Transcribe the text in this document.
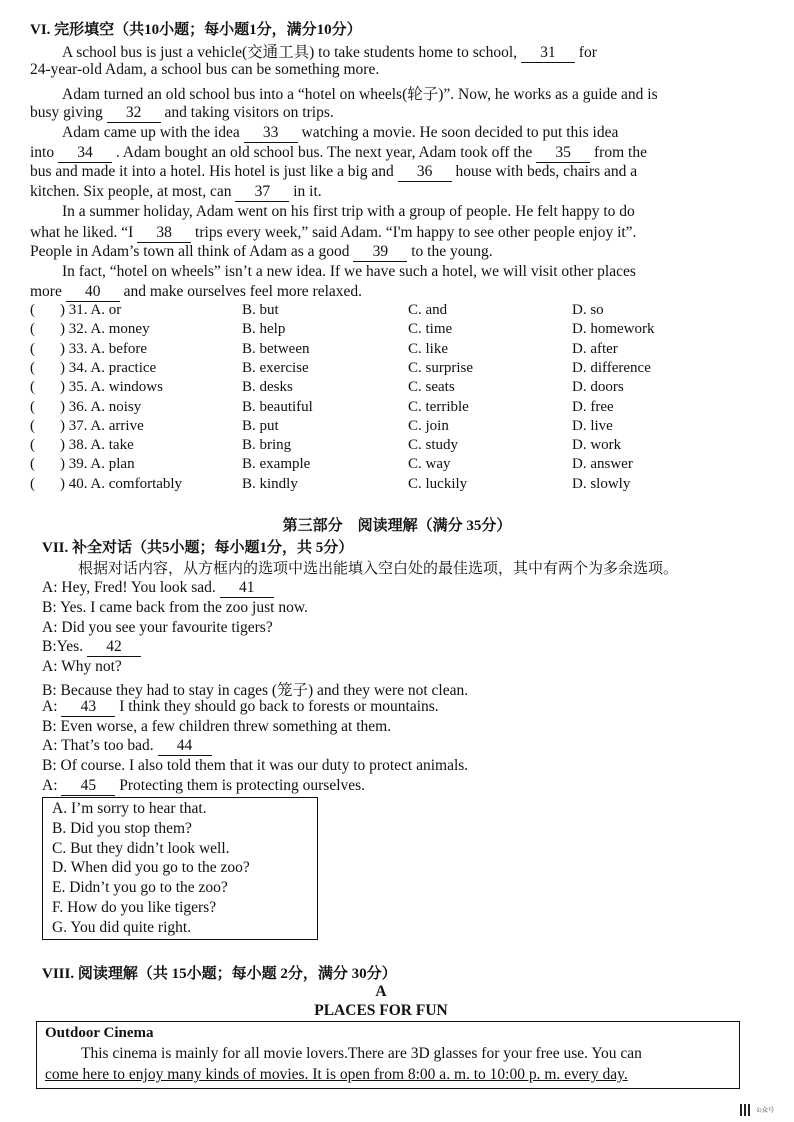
VI. 完形填空（共10小题；每小题1分，满分10分）
A school bus is just a vehicle(交通工具) to take students home to school, 31 for
24-year-old Adam, a school bus can be something more.
Adam turned an old school bus into a “hotel on wheels(轮子)”. Now, he works as a guide and is
busy giving 32 and taking visitors on trips.
Adam came up with the idea 33 watching a movie. He soon decided to put this idea
into 34 . Adam bought an old school bus. The next year, Adam took off the 35 from the
bus and made it into a hotel. His hotel is just like a big and 36 house with beds, chairs and a
kitchen. Six people, at most, can 37 in it.
In a summer holiday, Adam went on his first trip with a group of people. He felt happy to do
what he liked. “I 38 trips every week,” said Adam. “I'm happy to see other people enjoy it”.
People in Adam’s town all think of Adam as a good 39 to the young.
In fact, “hotel on wheels” isn’t a new idea. If we have such a hotel, we will visit other places
more 40 and make ourselves feel more relaxed.
( ) 31. A. or	B. but	C. and	D. so
( ) 32. A. money	B. help	C. time	D. homework
( ) 33. A. before	B. between	C. like	D. after
( ) 34. A. practice	B. exercise	C. surprise	D. difference
( ) 35. A. windows	B. desks	C. seats	D. doors
( ) 36. A. noisy	B. beautiful	C. terrible	D. free
( ) 37. A. arrive	B. put	C. join	D. live
( ) 38. A. take	B. bring	C. study	D. work
( ) 39. A. plan	B. example	C. way	D. answer
( ) 40. A. comfortably	B. kindly	C. luckily	D. slowly
第三部分　阅读理解（满分 35分）
VII. 补全对话（共5小题；每小题1分，共 5分）
根据对话内容，从方框内的选项中选出能填入空白处的最佳选项，其中有两个为多余选项。
A: Hey, Fred! You look sad. 41
B: Yes. I came back from the zoo just now.
A: Did you see your favourite tigers?
B:Yes. 42
A: Why not?
B: Because they had to stay in cages (笼子) and they were not clean.
A: 43 I think they should go back to forests or mountains.
B: Even worse, a few children threw something at them.
A: That’s too bad. 44
B: Of course. I also told them that it was our duty to protect animals.
A: 45 Protecting them is protecting ourselves.
A. I’m sorry to hear that.
B. Did you stop them?
C. But they didn’t look well.
D. When did you go to the zoo?
E. Didn’t you go to the zoo?
F. How do you like tigers?
G. You did quite right.
VIII. 阅读理解（共 15小题；每小题 2分，满分 30分）
A
PLACES FOR FUN
Outdoor Cinema
This cinema is mainly for all movie lovers.There are 3D glasses for your free use. You can
come here to enjoy many kinds of movies. It is open from 8:00 a. m. to 10:00 p. m. every day.
公众号
